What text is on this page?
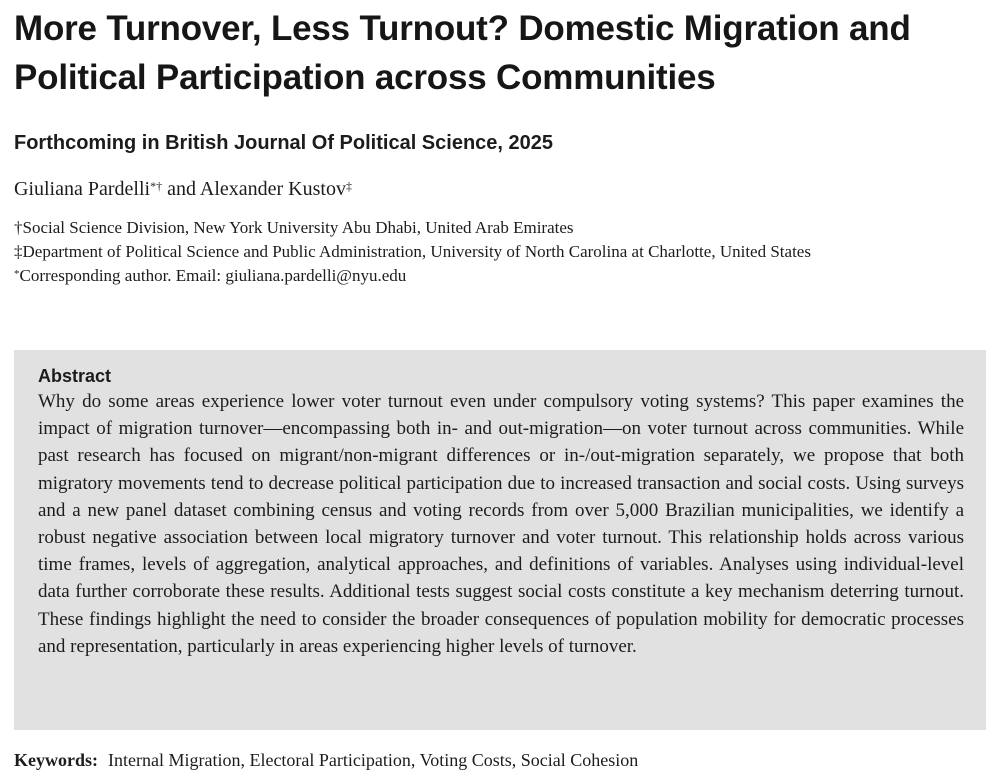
More Turnover, Less Turnout? Domestic Migration and Political Participation across Communities
Forthcoming in British Journal Of Political Science, 2025
Giuliana Pardelli*† and Alexander Kustov‡
†Social Science Division, New York University Abu Dhabi, United Arab Emirates
‡Department of Political Science and Public Administration, University of North Carolina at Charlotte, United States
*Corresponding author. Email: giuliana.pardelli@nyu.edu
Abstract
Why do some areas experience lower voter turnout even under compulsory voting systems? This paper examines the impact of migration turnover—encompassing both in- and out-migration—on voter turnout across communities. While past research has focused on migrant/non-migrant differences or in-/out-migration separately, we propose that both migratory movements tend to decrease political participation due to increased transaction and social costs. Using surveys and a new panel dataset combining census and voting records from over 5,000 Brazilian municipalities, we identify a robust negative association between local migratory turnover and voter turnout. This relationship holds across various time frames, levels of aggregation, analytical approaches, and definitions of variables. Analyses using individual-level data further corroborate these results. Additional tests suggest social costs constitute a key mechanism deterring turnout. These findings highlight the need to consider the broader consequences of population mobility for democratic processes and representation, particularly in areas experiencing higher levels of turnover.
Keywords: Internal Migration, Electoral Participation, Voting Costs, Social Cohesion
